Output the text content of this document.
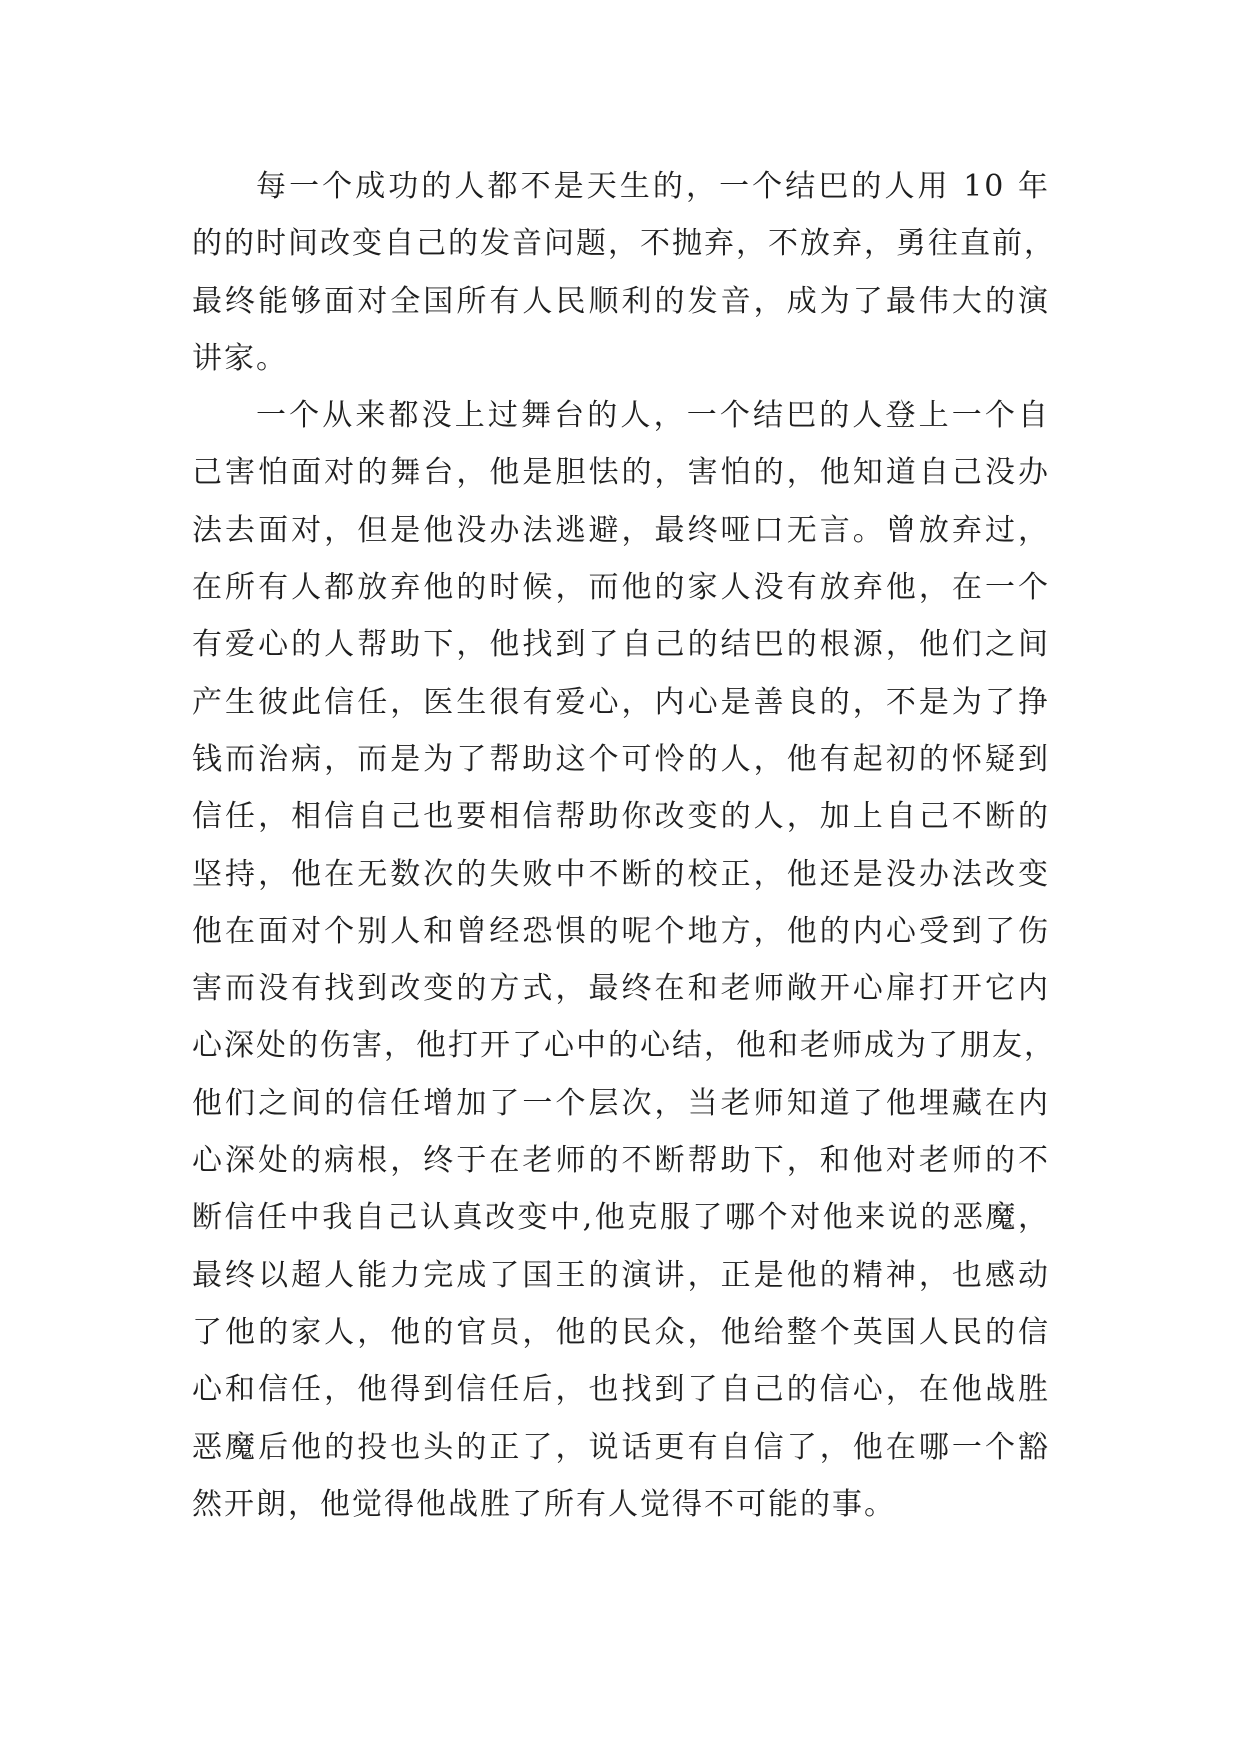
每一个成功的人都不是天生的，一个结巴的人用 10 年
的的时间改变自己的发音问题，不抛弃，不放弃，勇往直前，
最终能够面对全国所有人民顺利的发音，成为了最伟大的演
讲家。
一个从来都没上过舞台的人，一个结巴的人登上一个自
己害怕面对的舞台，他是胆怯的，害怕的，他知道自己没办
法去面对，但是他没办法逃避，最终哑口无言。曾放弃过，
在所有人都放弃他的时候，而他的家人没有放弃他，在一个
有爱心的人帮助下，他找到了自己的结巴的根源，他们之间
产生彼此信任，医生很有爱心，内心是善良的，不是为了挣
钱而治病，而是为了帮助这个可怜的人，他有起初的怀疑到
信任，相信自己也要相信帮助你改变的人，加上自己不断的
坚持，他在无数次的失败中不断的校正，他还是没办法改变
他在面对个别人和曾经恐惧的呢个地方，他的内心受到了伤
害而没有找到改变的方式，最终在和老师敞开心扉打开它内
心深处的伤害，他打开了心中的心结，他和老师成为了朋友，
他们之间的信任增加了一个层次，当老师知道了他埋藏在内
心深处的病根，终于在老师的不断帮助下，和他对老师的不
断信任中我自己认真改变中,他克服了哪个对他来说的恶魔，
最终以超人能力完成了国王的演讲，正是他的精神，也感动
了他的家人，他的官员，他的民众，他给整个英国人民的信
心和信任，他得到信任后，也找到了自己的信心，在他战胜
恶魔后他的投也头的正了，说话更有自信了，他在哪一个豁
然开朗，他觉得他战胜了所有人觉得不可能的事。
